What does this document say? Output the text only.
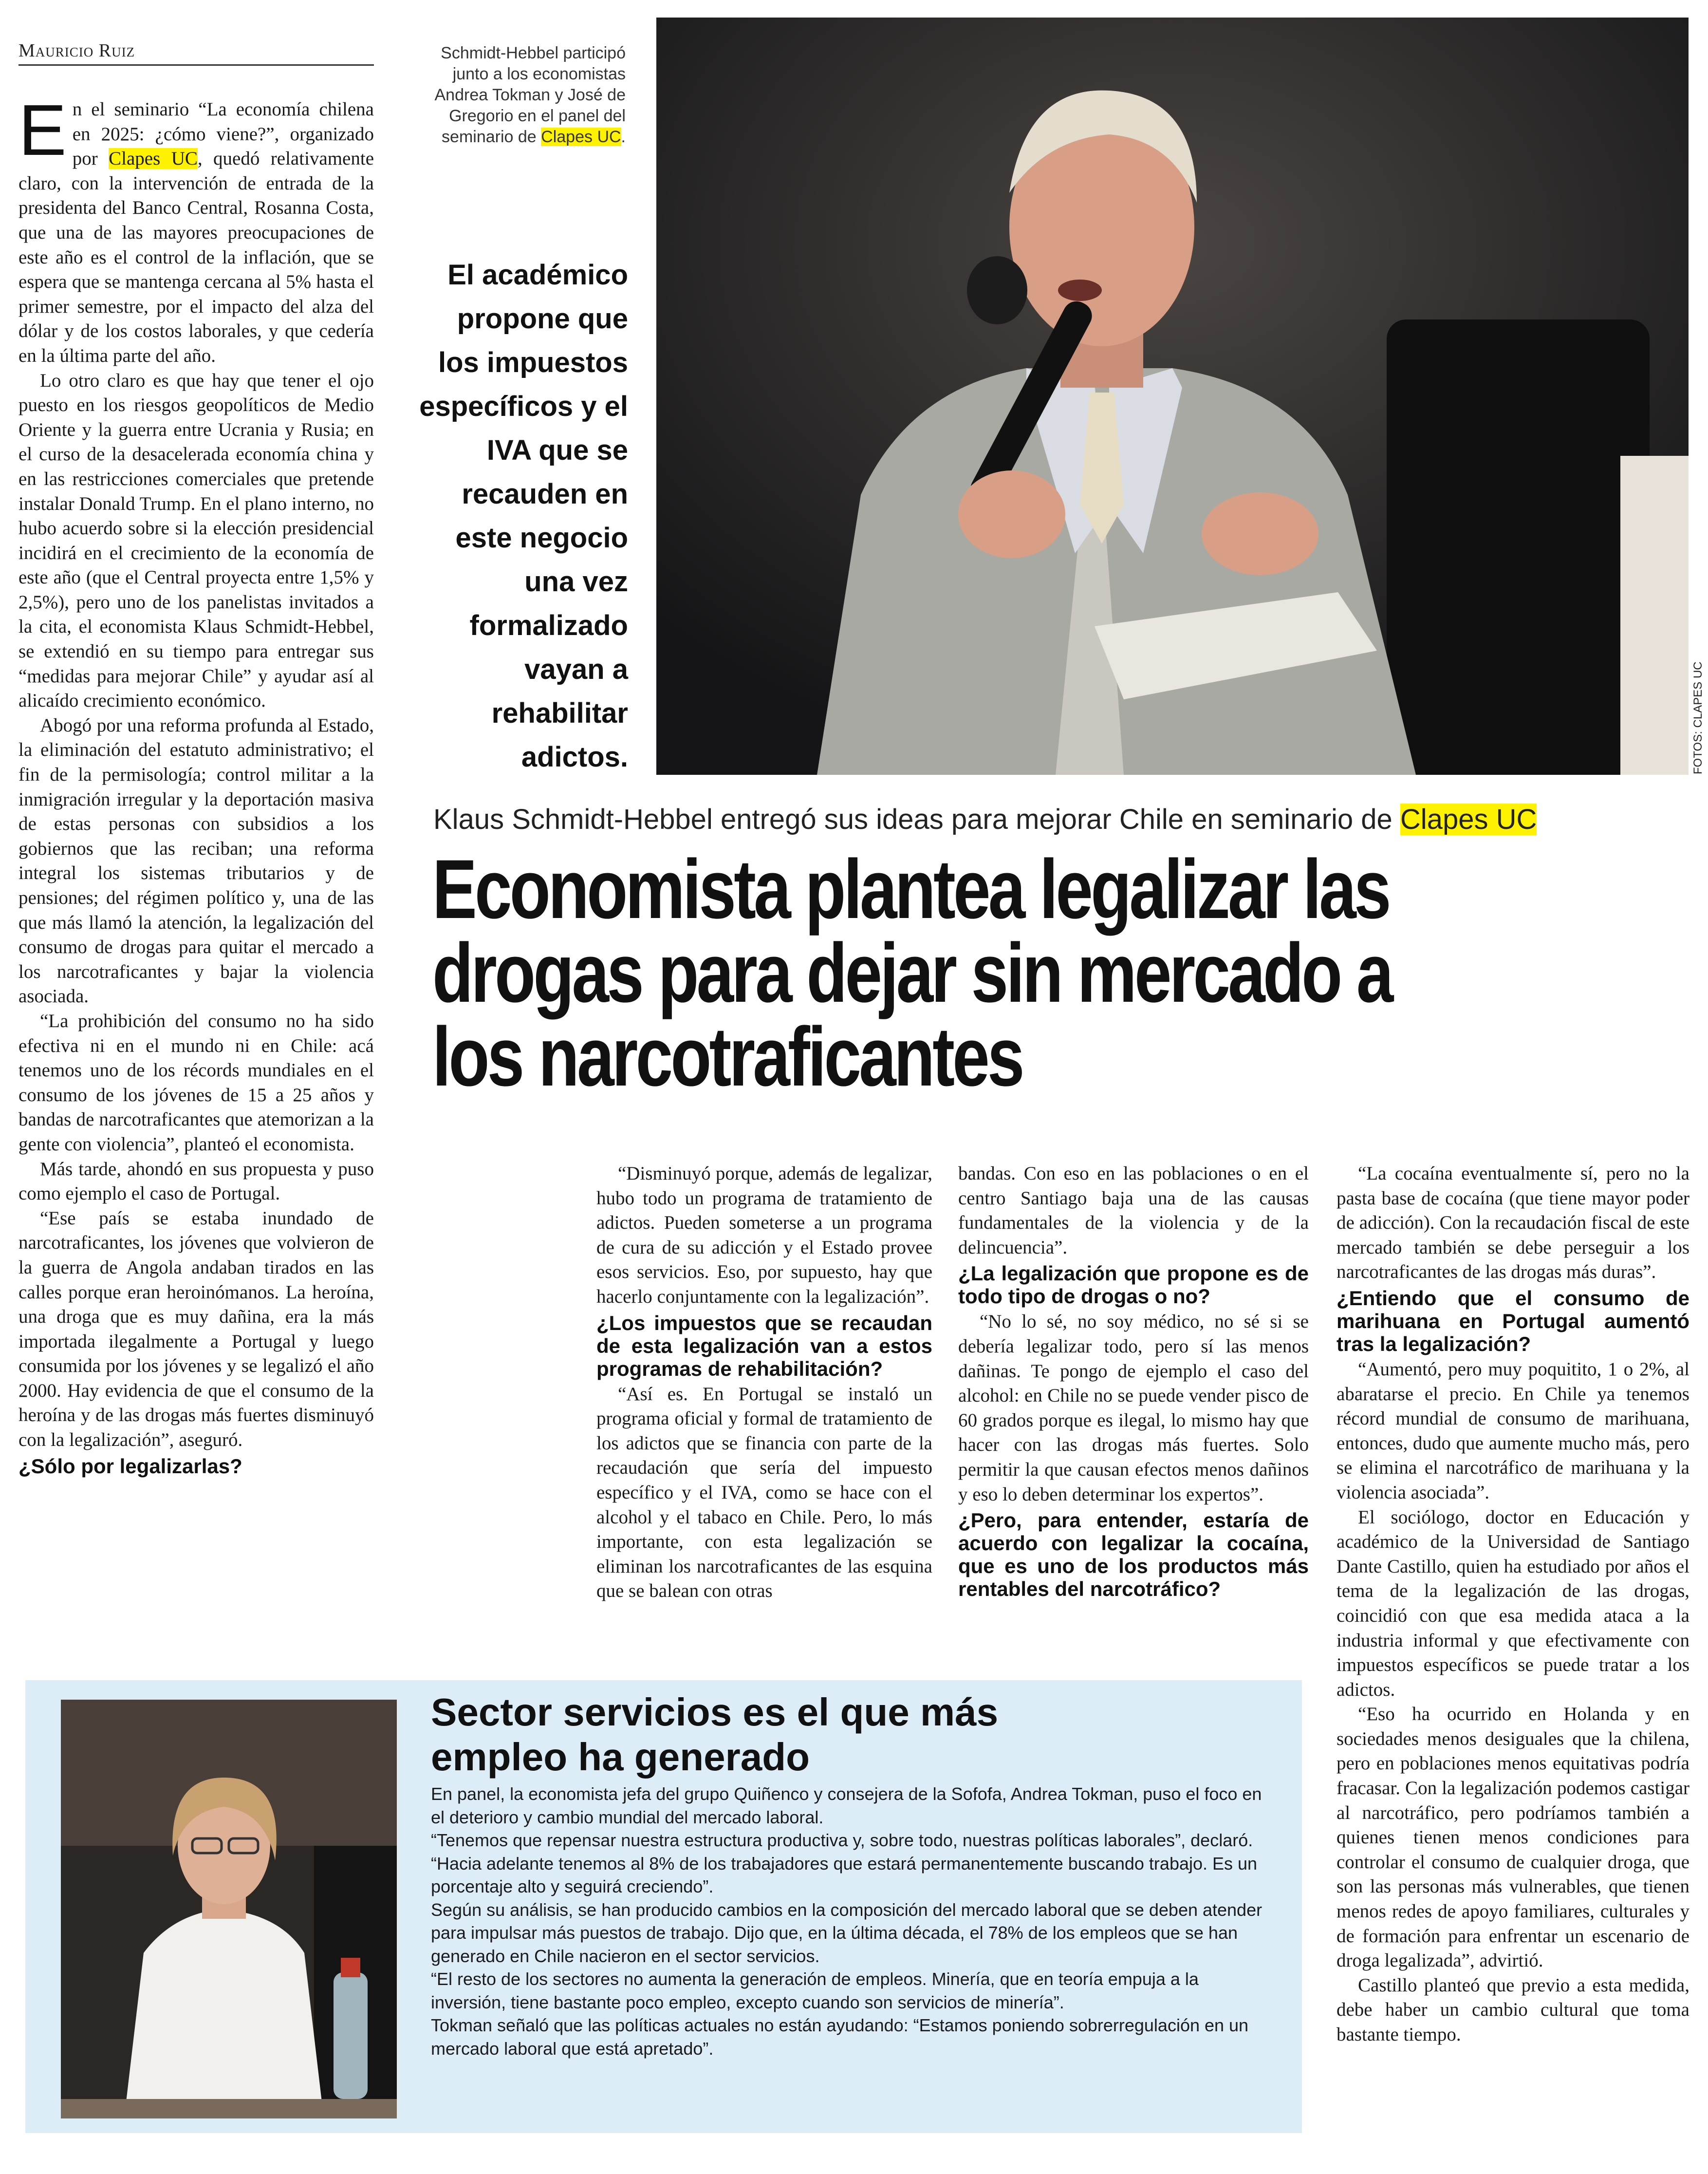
Mauricio Ruiz

En el seminario “La economía chilena en 2025: ¿cómo viene?”, organizado por Clapes UC, quedó relativamente claro, con la intervención de entrada de la presidenta del Banco Central, Rosanna Costa, que una de las mayores preocupaciones de este año es el control de la inflación, que se espera que se mantenga cercana al 5% hasta el primer semestre, por el impacto del alza del dólar y de los costos laborales, y que cedería en la última parte del año.

Lo otro claro es que hay que tener el ojo puesto en los riesgos geopolíticos de Medio Oriente y la guerra entre Ucrania y Rusia; en el curso de la desacelerada economía china y en las restricciones comerciales que pretende instalar Donald Trump. En el plano interno, no hubo acuerdo sobre si la elección presidencial incidirá en el crecimiento de la economía de este año (que el Central proyecta entre 1,5% y 2,5%), pero uno de los panelistas invitados a la cita, el economista Klaus Schmidt-Hebbel, se extendió en su tiempo para entregar sus “medidas para mejorar Chile” y ayudar así al alicaído crecimiento económico.

Abogó por una reforma profunda al Estado, la eliminación del estatuto administrativo; el fin de la permisología; control militar a la inmigración irregular y la deportación masiva de estas personas con subsidios a los gobiernos que las reciban; una reforma integral los sistemas tributarios y de pensiones; del régimen político y, una de las que más llamó la atención, la legalización del consumo de drogas para quitar el mercado a los narcotraficantes y bajar la violencia asociada.

“La prohibición del consumo no ha sido efectiva ni en el mundo ni en Chile: acá tenemos uno de los récords mundiales en el consumo de los jóvenes de 15 a 25 años y bandas de narcotraficantes que atemorizan a la gente con violencia”, planteó el economista.

Más tarde, ahondó en sus propuesta y puso como ejemplo el caso de Portugal.

“Ese país se estaba inundado de narcotraficantes, los jóvenes que volvieron de la guerra de Angola andaban tirados en las calles porque eran heroinómanos. La heroína, una droga que es muy dañina, era la más importada ilegalmente a Portugal y luego consumida por los jóvenes y se legalizó el año 2000. Hay evidencia de que el consumo de la heroína y de las drogas más fuertes disminuyó con la legalización”, aseguró.

¿Sólo por legalizarlas?

Schmidt-Hebbel participó junto a los economistas Andrea Tokman y José de Gregorio en el panel del seminario de Clapes UC.
El académico propone que los impuestos específicos y el IVA que se recauden en este negocio una vez formalizado vayan a rehabilitar adictos.	FOTOS: CLAPES UC
Klaus Schmidt-Hebbel entregó sus ideas para mejorar Chile en seminario de Clapes UC
Economista plantea legalizar las
drogas para dejar sin mercado a
los narcotraficantes

“Disminuyó porque, además de legalizar, hubo todo un programa de tratamiento de adictos. Pueden someterse a un programa de cura de su adicción y el Estado provee esos servicios. Eso, por supuesto, hay que hacerlo conjuntamente con la legalización”.

¿Los impuestos que se recaudan de esta legalización van a estos programas de rehabilitación?

“Así es. En Portugal se instaló un programa oficial y formal de tratamiento de los adictos que se financia con parte de la recaudación que sería del impuesto específico y el IVA, como se hace con el alcohol y el tabaco en Chile. Pero, lo más importante, con esta legalización se eliminan los narcotraficantes de las esquina que se balean con otras

bandas. Con eso en las poblaciones o en el centro Santiago baja una de las causas fundamentales de la violencia y de la delincuencia”.

¿La legalización que propone es de todo tipo de drogas o no?

“No lo sé, no soy médico, no sé si se debería legalizar todo, pero sí las menos dañinas. Te pongo de ejemplo el caso del alcohol: en Chile no se puede vender pisco de 60 grados porque es ilegal, lo mismo hay que hacer con las drogas más fuertes. Solo permitir la que causan efectos menos dañinos y eso lo deben determinar los expertos”.

¿Pero, para entender, estaría de acuerdo con legalizar la cocaína, que es uno de los productos más rentables del narcotráfico?

“La cocaína eventualmente sí, pero no la pasta base de cocaína (que tiene mayor poder de adicción). Con la recaudación fiscal de este mercado también se debe perseguir a los narcotraficantes de las drogas más duras”.

¿Entiendo que el consumo de marihuana en Portugal aumentó tras la legalización?

“Aumentó, pero muy poquitito, 1 o 2%, al abaratarse el precio. En Chile ya tenemos récord mundial de consumo de marihuana, entonces, dudo que aumente mucho más, pero se elimina el narcotráfico de marihuana y la violencia asociada”.

El sociólogo, doctor en Educación y académico de la Universidad de Santiago Dante Castillo, quien ha estudiado por años el tema de la legalización de las drogas, coincidió con que esa medida ataca a la industria informal y que efectivamente con impuestos específicos se puede tratar a los adictos.

“Eso ha ocurrido en Holanda y en sociedades menos desiguales que la chilena, pero en poblaciones menos equitativas podría fracasar. Con la legalización podemos castigar al narcotráfico, pero podríamos también a quienes tienen menos condiciones para controlar el consumo de cualquier droga, que son las personas más vulnerables, que tienen menos redes de apoyo familiares, culturales y de formación para enfrentar un escenario de droga legalizada”, advirtió.

Castillo planteó que previo a esta medida, debe haber un cambio cultural que toma bastante tiempo.

Sector servicios es el que más
empleo ha generado

En panel, la economista jefa del grupo Quiñenco y consejera de la Sofofa, Andrea Tokman, puso el foco en el deterioro y cambio mundial del mercado laboral.

“Tenemos que repensar nuestra estructura productiva y, sobre todo, nuestras políticas laborales”, declaró. “Hacia adelante tenemos al 8% de los trabajadores que estará permanentemente buscando trabajo. Es un porcentaje alto y seguirá creciendo”.

Según su análisis, se han producido cambios en la composición del mercado laboral que se deben atender para impulsar más puestos de trabajo. Dijo que, en la última década, el 78% de los empleos que se han generado en Chile nacieron en el sector servicios.

“El resto de los sectores no aumenta la generación de empleos. Minería, que en teoría empuja a la inversión, tiene bastante poco empleo, excepto cuando son servicios de minería”.

Tokman señaló que las políticas actuales no están ayudando: “Estamos poniendo sobrerregulación en un mercado laboral que está apretado”.
